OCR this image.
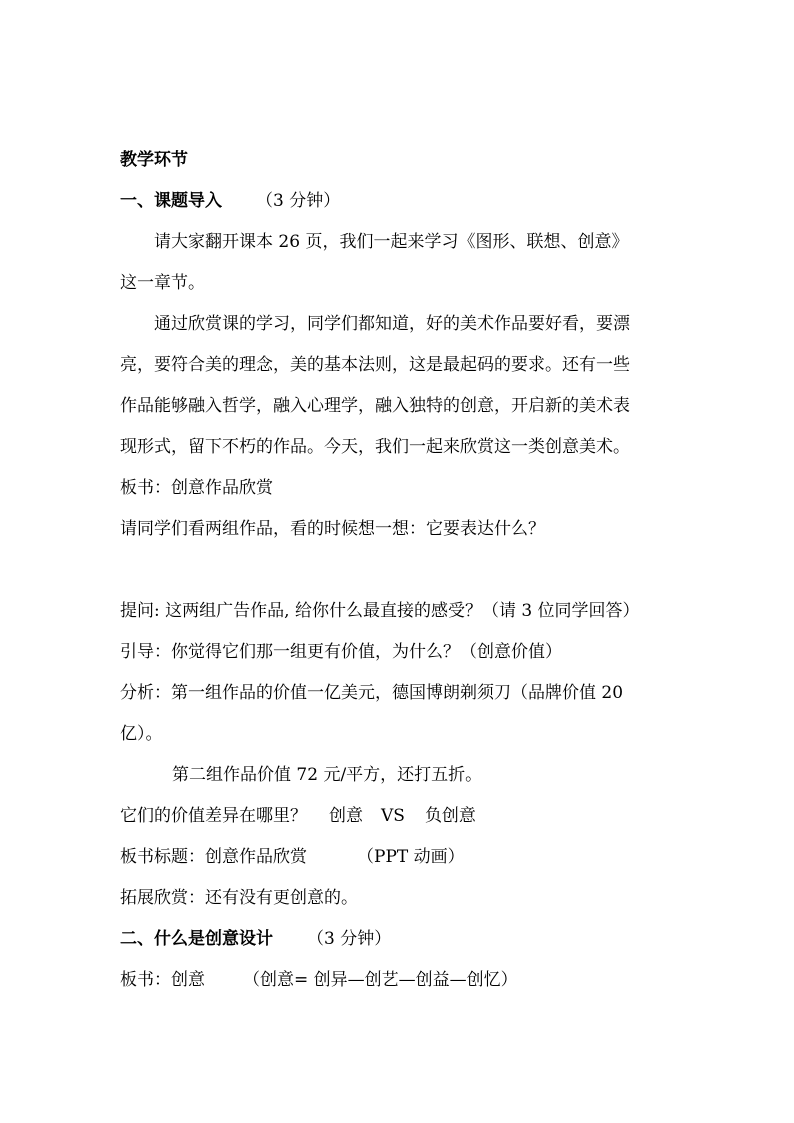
教学环节
一、课题导入 （3 分钟）
请大家翻开课本 26 页，我们一起来学习《图形、联想、创意》
这一章节。
通过欣赏课的学习，同学们都知道，好的美术作品要好看，要漂
亮，要符合美的理念，美的基本法则，这是最起码的要求。还有一些
作品能够融入哲学，融入心理学，融入独特的创意，开启新的美术表
现形式，留下不朽的作品。今天，我们一起来欣赏这一类创意美术。
板书：创意作品欣赏
请同学们看两组作品，看的时候想一想：它要表达什么？
提问: 这两组广告作品, 给你什么最直接的感受？（请 3 位同学回答）
引导：你觉得它们那一组更有价值，为什么？（创意价值）
分析：第一组作品的价值一亿美元，德国博朗剃须刀（品牌价值 20
亿）。
第二组作品价值 72 元/平方，还打五折。
它们的价值差异在哪里？ 创意 VS 负创意
板书标题：创意作品欣赏	（PPT 动画）
拓展欣赏：还有没有更创意的。
二、什么是创意设计 （3 分钟）
板书：创意 （创意= 创异—创艺—创益—创忆）
